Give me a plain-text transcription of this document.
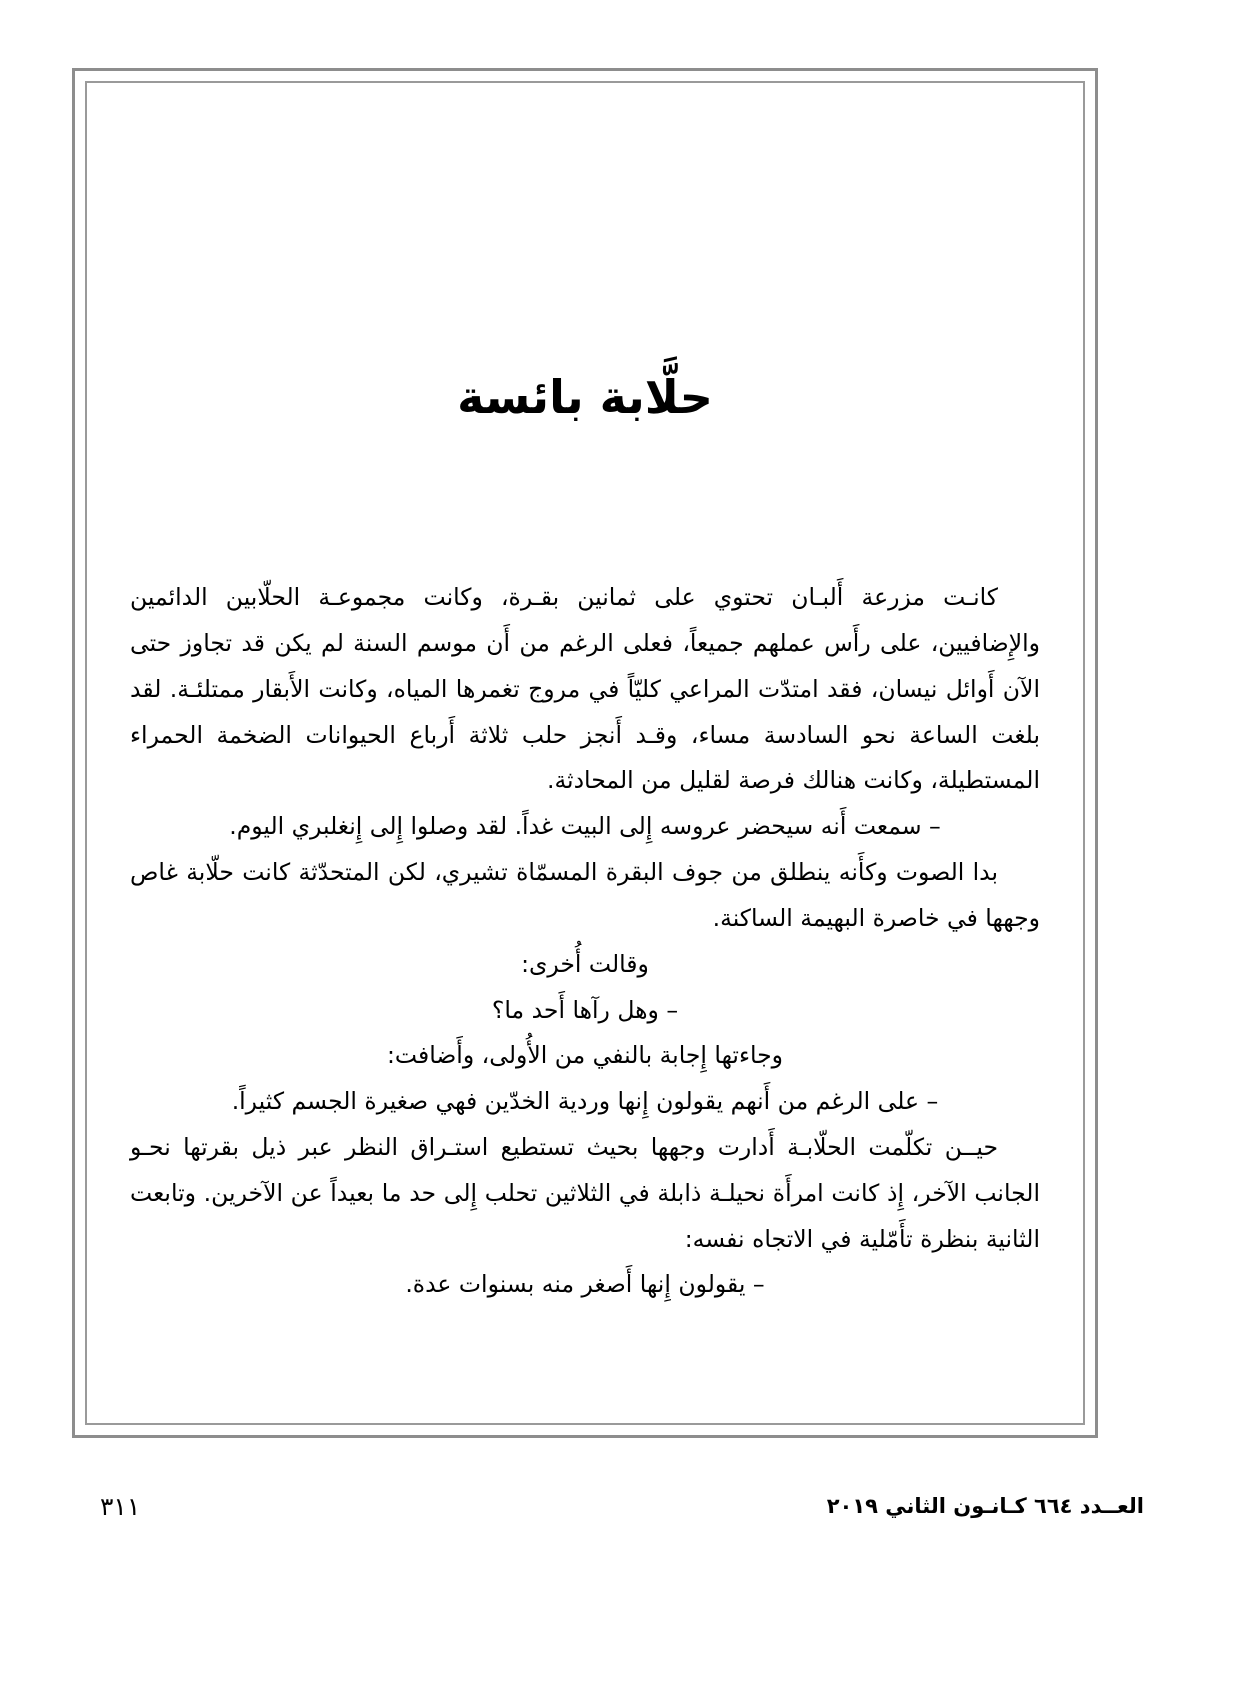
حلَّابة بائسة

كانـت مزرعة أَلبـان تحتوي على ثمانين بقـرة، وكانت مجموعـة الحلّابين الدائمين والإِضافيين، على رأَس عملهم جميعاً، فعلى الرغم من أَن موسم السنة لم يكن قد تجاوز حتى الآن أَوائل نيسان، فقد امتدّت المراعي كليّاً في مروج تغمرها المياه، وكانت الأَبقار ممتلئـة. لقد بلغت الساعة نحو السادسة مساء، وقـد أَنجز حلب ثلاثة أَرباع الحيوانات الضخمة الحمراء المستطيلة، وكانت هنالك فرصة لقليل من المحادثة.

– سمعت أَنه سيحضر عروسه إِلى البيت غداً. لقد وصلوا إِلى إِنغلبري اليوم.

بدا الصوت وكأَنه ينطلق من جوف البقرة المسمّاة تشيري، لكن المتحدّثة كانت حلّابة غاص وجهها في خاصرة البهيمة الساكنة.

وقالت أُخرى:

– وهل رآها أَحد ما؟

وجاءتها إِجابة بالنفي من الأُولى، وأَضافت:

– على الرغم من أَنهم يقولون إِنها وردية الخدّين فهي صغيرة الجسم كثيراً.

حيــن تكلّمت الحلّابـة أَدارت وجهها بحيث تستطيع استـراق النظر عبر ذيل بقرتها نحـو الجانب الآخر، إِذ كانت امرأَة نحيلـة ذابلة في الثلاثين تحلب إِلى حد ما بعيداً عن الآخرين. وتابعت الثانية بنظرة تأَمّلية في الاتجاه نفسه:

– يقولون إِنها أَصغر منه بسنوات عدة.

٣١١	العــدد ٦٦٤ كـانـون الثاني ٢٠١٩
